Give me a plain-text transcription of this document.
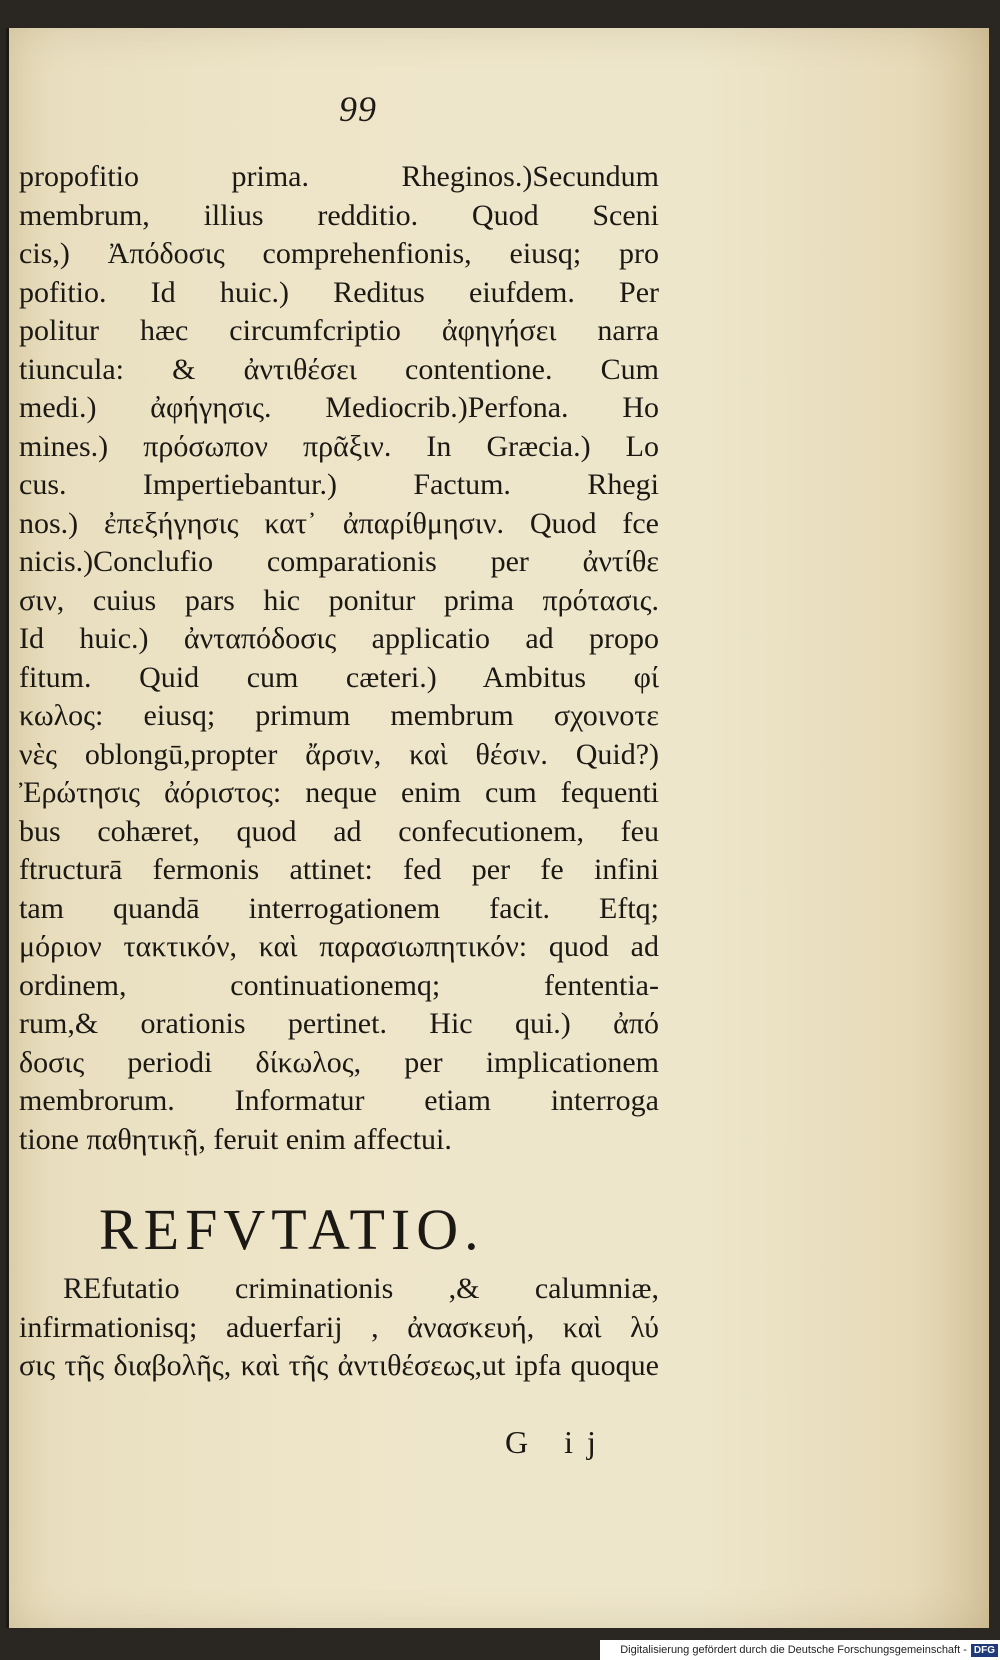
99
propofitio prima. Rheginos.)Secundum
membrum, illius redditio. Quod Sceni
cis,) Ἀπόδοσις comprehenfionis, eiusq; pro
pofitio. Id huic.) Reditus eiufdem. Per
politur hæc circumfcriptio ἀφηγήσει narra
tiuncula: & ἀντιθέσει contentione. Cum
medi.) ἀφήγησις. Mediocrib.)Perfona. Ho
mines.) πρόσωπον πρᾶξιν. In Græcia.) Lo
cus. Impertiebantur.) Factum. Rhegi
nos.) ἐπεξήγησις κατ᾽ ἀπαρίθμησιν. Quod fce
nicis.)Conclufio comparationis per ἀντίθε
σιν, cuius pars hic ponitur prima πρότασις.
Id huic.) ἀνταπόδοσις applicatio ad propo
fitum. Quid cum cæteri.) Ambitus φί
κωλος: eiusq; primum membrum σχοινοτε
νὲς oblongū,propter ἄρσιν, καὶ θέσιν. Quid?)
Ἐρώτησις ἀόριστος: neque enim cum fequenti
bus cohæret, quod ad confecutionem, feu
ftructurā fermonis attinet: fed per fe infini
tam quandā interrogationem facit. Eftq;
μόριον τακτικόν, καὶ παρασιωπητικόν: quod ad
ordinem, continuationemq; fententia-
rum,& orationis pertinet. Hic qui.) ἀπό
δοσις periodi δίκωλος, per implicationem
membrorum. Informatur etiam interroga
tione παθητικῇ, feruit enim affectui.
REFVTATIO.
REfutatio criminationis ,& calumniæ,
infirmationisq; aduerfarij , ἀνασκευή, καὶ λύ
σις τῆς διαβολῆς, καὶ τῆς ἀντιθέσεως,ut ipfa quoque
G ij
Digitalisierung gefördert durch die Deutsche Forschungsgemeinschaft - DFG
